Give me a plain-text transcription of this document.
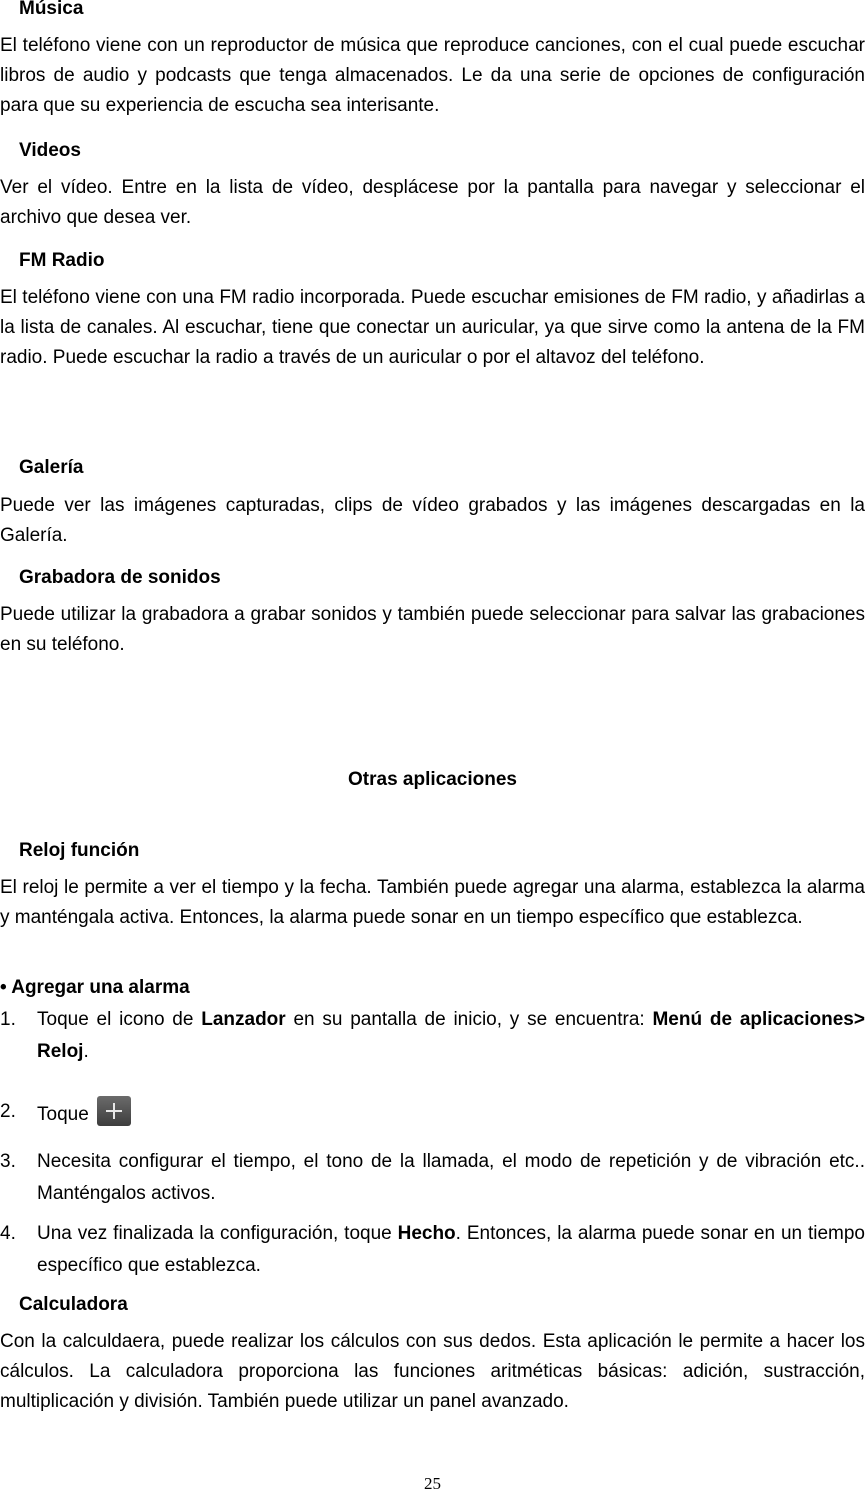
Música

El teléfono viene con un reproductor de música que reproduce canciones, con el cual puede escuchar libros de audio y podcasts que tenga almacenados. Le da una serie de opciones de configuración para que su experiencia de escucha sea interisante.

Videos

Ver el vídeo. Entre en la lista de vídeo, desplácese por la pantalla para navegar y seleccionar el archivo que desea ver.

FM Radio

El teléfono viene con una FM radio incorporada. Puede escuchar emisiones de FM radio, y añadirlas a la lista de canales. Al escuchar, tiene que conectar un auricular, ya que sirve como la antena de la FM radio. Puede escuchar la radio a través de un auricular o por el altavoz del teléfono.

Galería

Puede ver las imágenes capturadas, clips de vídeo grabados y las imágenes descargadas en la Galería.

Grabadora de sonidos

Puede utilizar la grabadora a grabar sonidos y también puede seleccionar para salvar las grabaciones en su teléfono.

Otras aplicaciones
Reloj función

El reloj le permite a ver el tiempo y la fecha. También puede agregar una alarma, establezca la alarma y manténgala activa. Entonces, la alarma puede sonar en un tiempo específico que establezca.

• Agregar una alarma
1. Toque el icono de Lanzador en su pantalla de inicio, y se encuentra: Menú de aplicaciones> Reloj.
2. Toque
3. Necesita configurar el tiempo, el tono de la llamada, el modo de repetición y de vibración etc.. Manténgalos activos.
4. Una vez finalizada la configuración, toque Hecho. Entonces, la alarma puede sonar en un tiempo específico que establezca.
Calculadora

Con la calculdaera, puede realizar los cálculos con sus dedos. Esta aplicación le permite a hacer los cálculos. La calculadora proporciona las funciones aritméticas básicas: adición, sustracción, multiplicación y división. También puede utilizar un panel avanzado.

25
